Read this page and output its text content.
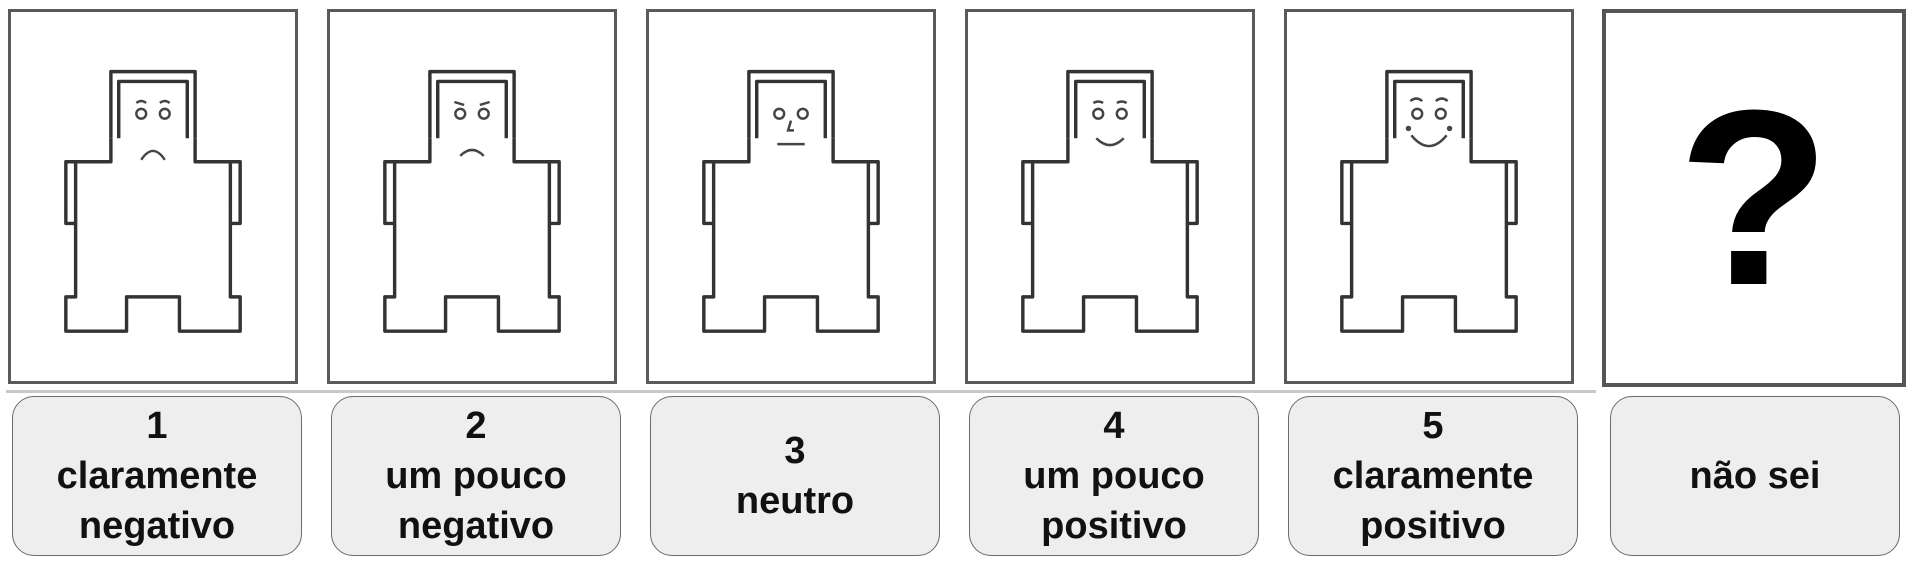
?
1
claramente
negativo
2
um pouco
negativo
3
neutro
4
um pouco
positivo
5
claramente
positivo
não sei
